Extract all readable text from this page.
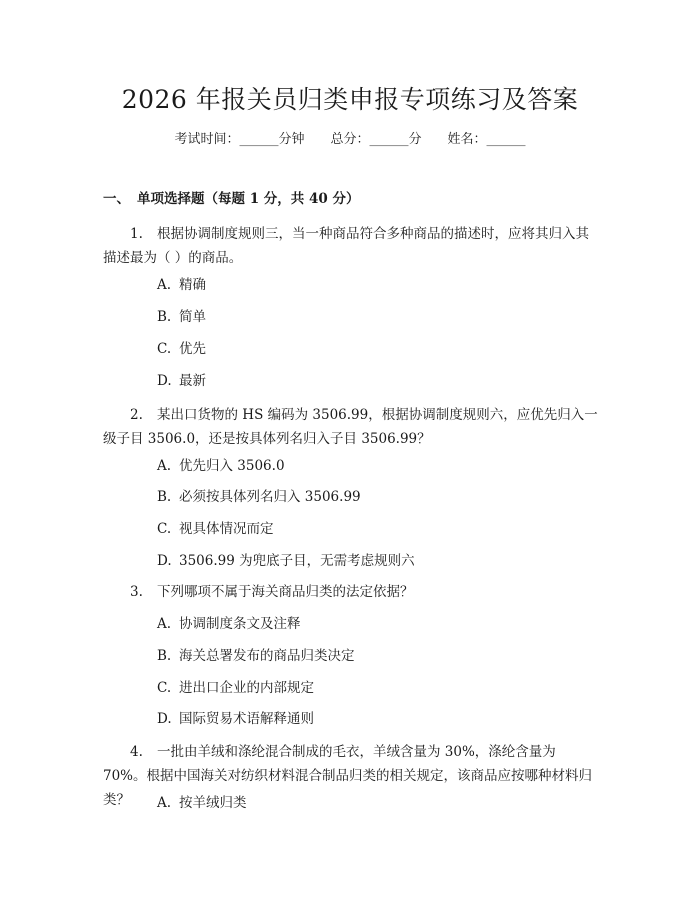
2026 年报关员归类申报专项练习及答案
考试时间：______分钟 总分：______分 姓名：______
一、 单项选择题（每题 1 分，共 40 分）
1. 根据协调制度规则三，当一种商品符合多种商品的描述时，应将其归入其描述最为（ ）的商品。
A. 精确
B. 简单
C. 优先
D. 最新
2. 某出口货物的 HS 编码为 3506.99，根据协调制度规则六，应优先归入一级子目 3506.0，还是按具体列名归入子目 3506.99？
A. 优先归入 3506.0
B. 必须按具体列名归入 3506.99
C. 视具体情况而定
D. 3506.99 为兜底子目，无需考虑规则六
3. 下列哪项不属于海关商品归类的法定依据？
A. 协调制度条文及注释
B. 海关总署发布的商品归类决定
C. 进出口企业的内部规定
D. 国际贸易术语解释通则
4. 一批由羊绒和涤纶混合制成的毛衣，羊绒含量为 30%，涤纶含量为 70%。根据中国海关对纺织材料混合制品归类的相关规定，该商品应按哪种材料归类？	A. 按羊绒归类
